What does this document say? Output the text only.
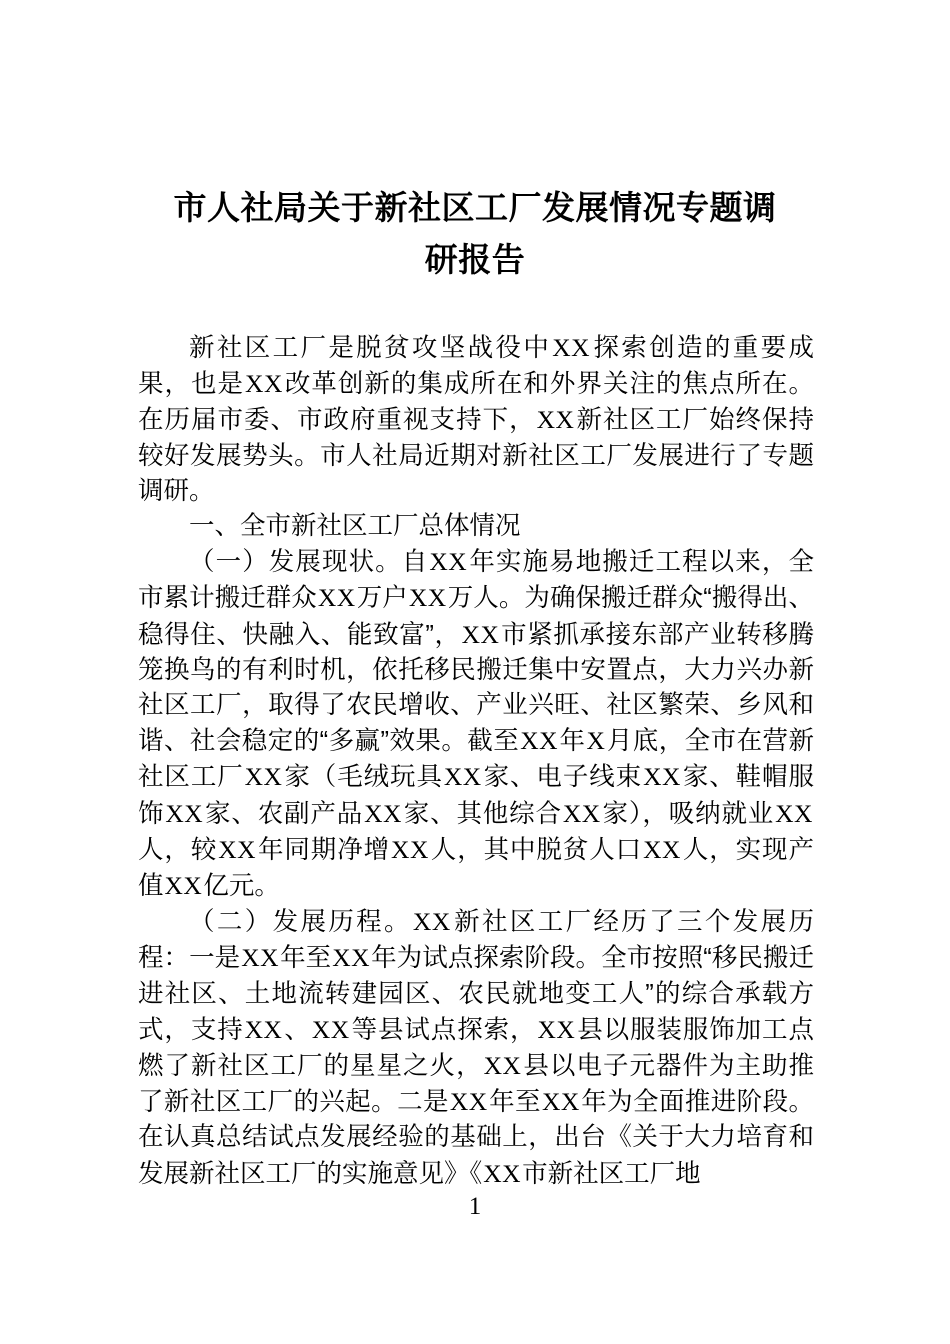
市人社局关于新社区工厂发展情况专题调
研报告

新社区工厂是脱贫攻坚战役中XX探索创造的重要成果，也是XX改革创新的集成所在和外界关注的焦点所在。在历届市委、市政府重视支持下，XX新社区工厂始终保持较好发展势头。市人社局近期对新社区工厂发展进行了专题调研。

一、全市新社区工厂总体情况

（一）发展现状。自XX年实施易地搬迁工程以来，全市累计搬迁群众XX万户XX万人。为确保搬迁群众“搬得出、稳得住、快融入、能致富”，XX市紧抓承接东部产业转移腾笼换鸟的有利时机，依托移民搬迁集中安置点，大力兴办新社区工厂，取得了农民增收、产业兴旺、社区繁荣、乡风和谐、社会稳定的“多赢”效果。截至XX年X月底，全市在营新社区工厂XX家（毛绒玩具XX家、电子线束XX家、鞋帽服饰XX家、农副产品XX家、其他综合XX家），吸纳就业XX人，较XX年同期净增XX人，其中脱贫人口XX人，实现产值XX亿元。

（二）发展历程。XX新社区工厂经历了三个发展历程：一是XX年至XX年为试点探索阶段。全市按照“移民搬迁进社区、土地流转建园区、农民就地变工人”的综合承载方式，支持XX、XX等县试点探索，XX县以服装服饰加工点燃了新社区工厂的星星之火，XX县以电子元器件为主助推了新社区工厂的兴起。二是XX年至XX年为全面推进阶段。在认真总结试点发展经验的基础上，出台《关于大力培育和发展新社区工厂的实施意见》《XX市新社区工厂地

1
